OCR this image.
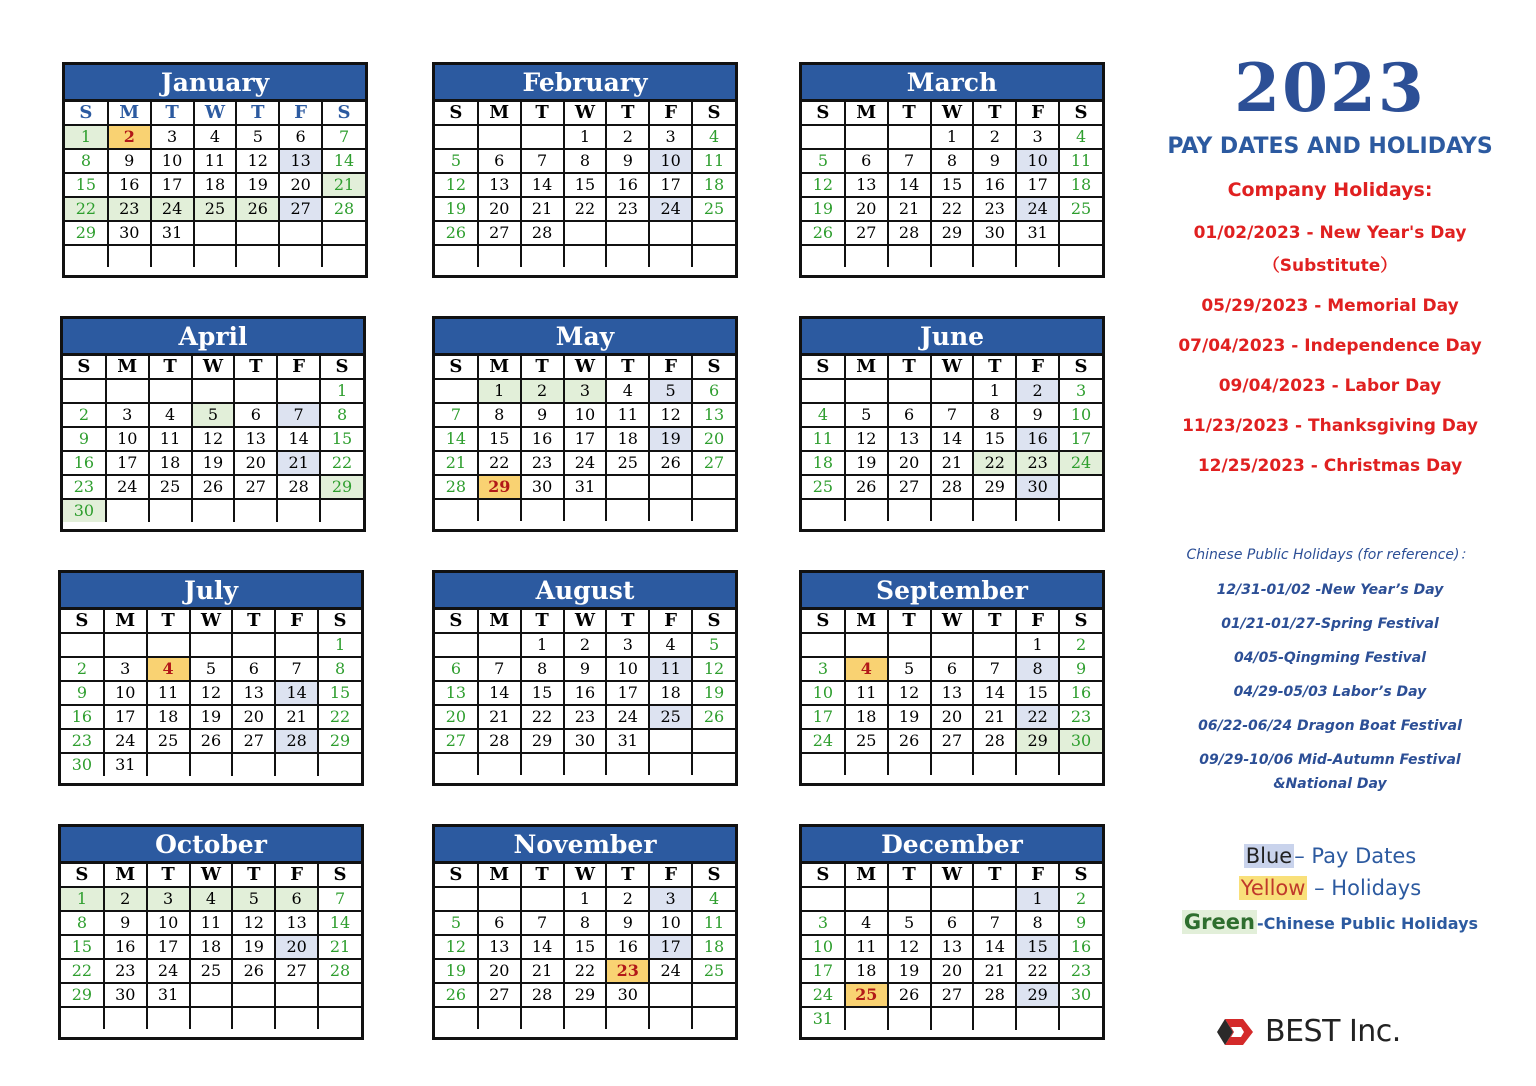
January
S	M	T	W	T	F	S
1	2	3	4	5	6	7
8	9	10	11	12	13	14
15	16	17	18	19	20	21
22	23	24	25	26	27	28
29	30	31				

February
S	M	T	W	T	F	S
			1	2	3	4
5	6	7	8	9	10	11
12	13	14	15	16	17	18
19	20	21	22	23	24	25
26	27	28				

March
S	M	T	W	T	F	S
			1	2	3	4
5	6	7	8	9	10	11
12	13	14	15	16	17	18
19	20	21	22	23	24	25
26	27	28	29	30	31	

April
S	M	T	W	T	F	S
						1
2	3	4	5	6	7	8
9	10	11	12	13	14	15
16	17	18	19	20	21	22
23	24	25	26	27	28	29
30						
May
S	M	T	W	T	F	S
	1	2	3	4	5	6
7	8	9	10	11	12	13
14	15	16	17	18	19	20
21	22	23	24	25	26	27
28	29	30	31			

June
S	M	T	W	T	F	S
				1	2	3
4	5	6	7	8	9	10
11	12	13	14	15	16	17
18	19	20	21	22	23	24
25	26	27	28	29	30	

July
S	M	T	W	T	F	S
						1
2	3	4	5	6	7	8
9	10	11	12	13	14	15
16	17	18	19	20	21	22
23	24	25	26	27	28	29
30	31					
August
S	M	T	W	T	F	S
		1	2	3	4	5
6	7	8	9	10	11	12
13	14	15	16	17	18	19
20	21	22	23	24	25	26
27	28	29	30	31		

September
S	M	T	W	T	F	S
					1	2
3	4	5	6	7	8	9
10	11	12	13	14	15	16
17	18	19	20	21	22	23
24	25	26	27	28	29	30

October
S	M	T	W	T	F	S
1	2	3	4	5	6	7
8	9	10	11	12	13	14
15	16	17	18	19	20	21
22	23	24	25	26	27	28
29	30	31				

November
S	M	T	W	T	F	S
			1	2	3	4
5	6	7	8	9	10	11
12	13	14	15	16	17	18
19	20	21	22	23	24	25
26	27	28	29	30		

December
S	M	T	W	T	F	S
					1	2
3	4	5	6	7	8	9
10	11	12	13	14	15	16
17	18	19	20	21	22	23
24	25	26	27	28	29	30
31						
2023
PAY DATES AND HOLIDAYS
Company Holidays:
01/02/2023 - New Year's Day
（Substitute）
05/29/2023 - Memorial Day
07/04/2023 - Independence Day
09/04/2023 - Labor Day
11/23/2023 - Thanksgiving Day
12/25/2023 - Christmas Day
Chinese Public Holidays (for reference)：
12/31-01/02 -New Year’s Day
01/21-01/27-Spring Festival
04/05-Qingming Festival
04/29-05/03 Labor’s Day
06/22-06/24 Dragon Boat Festival
09/29-10/06 Mid-Autumn Festival
&National Day
Blue– Pay Dates
Yellow – Holidays
Green -Chinese Public Holidays
BEST Inc.
